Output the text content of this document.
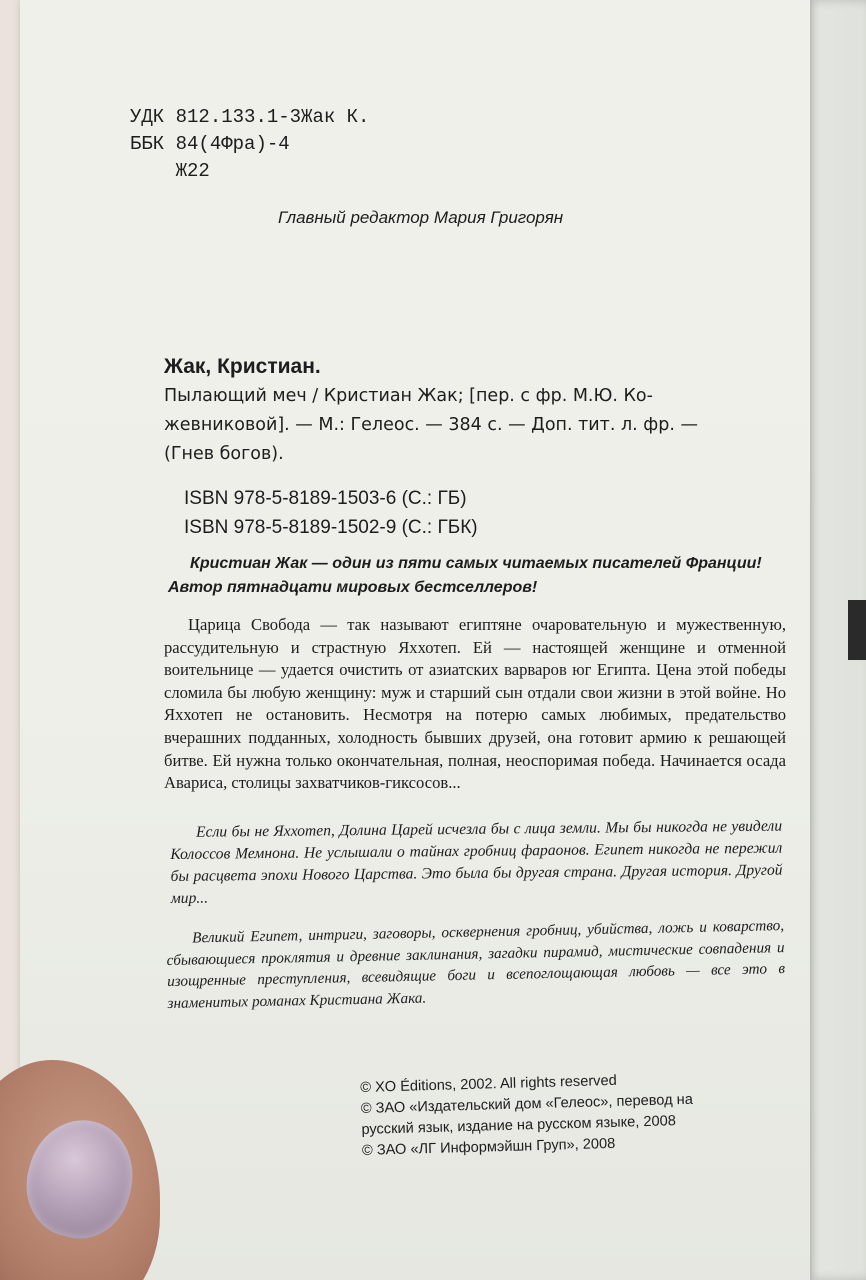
УДК 812.133.1-3Жак К.
ББК 84(4Фра)-4
Ж22
Главный редактор Мария Григорян
Жак, Кристиан.
Пылающий меч / Кристиан Жак; [пер. с фр. М.Ю. Ко-
жевниковой]. — М.: Гелеос. — 384 с. — Доп. тит. л. фр. —
(Гнев богов).
ISBN 978-5-8189-1503-6 (С.: ГБ)
ISBN 978-5-8189-1502-9 (С.: ГБК)
Кристиан Жак — один из пяти самых читаемых писателей Франции! Автор пятнадцати мировых бестселлеров!
Царица Свобода — так называют египтяне очаровательную и мужественную, рассудительную и страстную Яххотеп. Ей — настоящей женщине и отменной воительнице — удается очистить от азиатских варваров юг Египта. Цена этой победы сломила бы любую женщину: муж и старший сын отдали свои жизни в этой войне. Но Яххотеп не остановить. Несмотря на потерю самых любимых, предательство вчерашних подданных, холодность бывших друзей, она готовит армию к решающей битве. Ей нужна только окончательная, полная, неоспоримая победа. Начинается осада Авариса, столицы захватчиков-гиксосов...
Если бы не Яххотеп, Долина Царей исчезла бы с лица земли. Мы бы никогда не увидели Колоссов Мемнона. Не услышали о тайнах гробниц фараонов. Египет никогда не пережил бы расцвета эпохи Нового Царства. Это была бы другая страна. Другая история. Другой мир...
Великий Египет, интриги, заговоры, осквернения гробниц, убийства, ложь и коварство, сбывающиеся проклятия и древние заклинания, загадки пирамид, мистические совпадения и изощренные преступления, всевидящие боги и всепоглощающая любовь — все это в знаменитых романах Кристиана Жака.
© XO Éditions, 2002. All rights reserved
© ЗАО «Издательский дом «Гелеос», перевод на
русский язык, издание на русском языке, 2008
© ЗАО «ЛГ Информэйшн Груп», 2008
